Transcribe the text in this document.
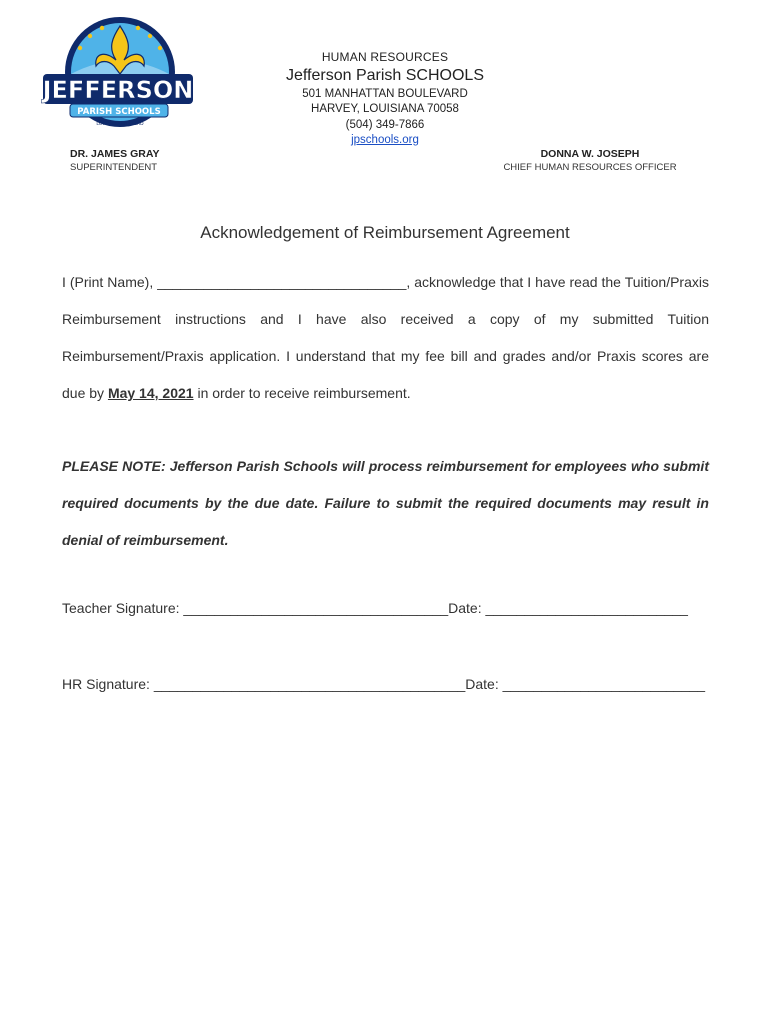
JEFFERSON
PARISH SCHOOLS
LOVE · LEARN · LEAD
HUMAN RESOURCES
Jefferson Parish SCHOOLS
501 MANHATTAN BOULEVARD
HARVEY, LOUISIANA 70058
(504) 349-7866
jpschools.org
DR. JAMES GRAY
SUPERINTENDENT
DONNA W. JOSEPH
CHIEF HUMAN RESOURCES OFFICER
Acknowledgement of Reimbursement Agreement
I (Print Name), ________________________________, acknowledge that I have read the Tuition/Praxis Reimbursement instructions and I have also received a copy of my submitted Tuition Reimbursement/Praxis application. I understand that my fee bill and grades and/or Praxis scores are due by May 14, 2021 in order to receive reimbursement.
PLEASE NOTE: Jefferson Parish Schools will process reimbursement for employees who submit required documents by the due date. Failure to submit the required documents may result in denial of reimbursement.
Teacher Signature: __________________________________Date: __________________________
HR Signature: ________________________________________Date: __________________________
